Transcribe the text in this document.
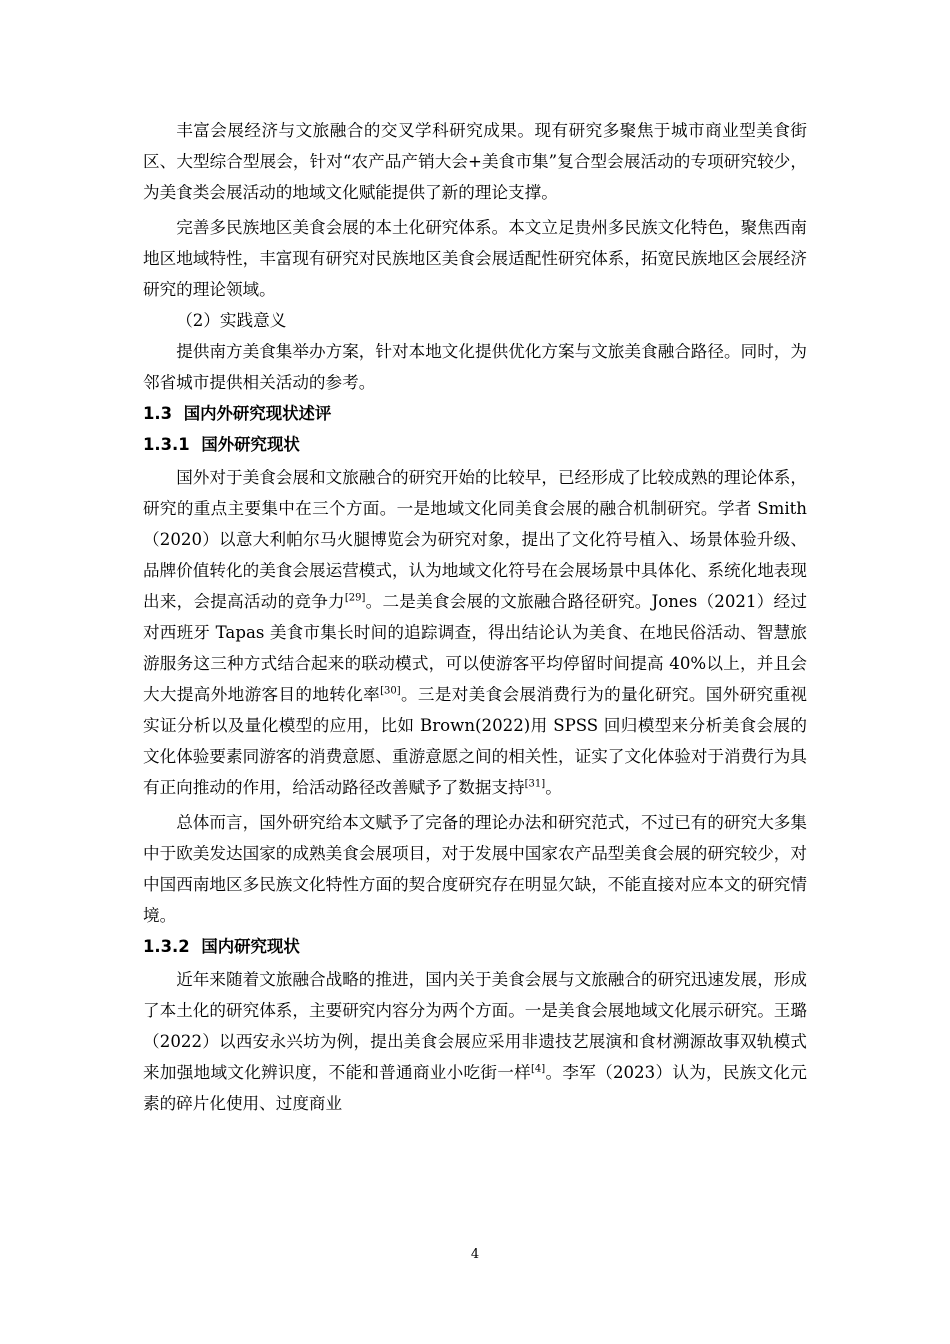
丰富会展经济与文旅融合的交叉学科研究成果。现有研究多聚焦于城市商业型美食街区、大型综合型展会，针对“农产品产销大会+美食市集”复合型会展活动的专项研究较少，为美食类会展活动的地域文化赋能提供了新的理论支撑。

完善多民族地区美食会展的本土化研究体系。本文立足贵州多民族文化特色，聚焦西南地区地域特性，丰富现有研究对民族地区美食会展适配性研究体系，拓宽民族地区会展经济研究的理论领域。

（2）实践意义

提供南方美食集举办方案，针对本地文化提供优化方案与文旅美食融合路径。同时，为邻省城市提供相关活动的参考。

1.3 国内外研究现状述评
1.3.1 国外研究现状

国外对于美食会展和文旅融合的研究开始的比较早，已经形成了比较成熟的理论体系，研究的重点主要集中在三个方面。一是地域文化同美食会展的融合机制研究。学者 Smith（2020）以意大利帕尔马火腿博览会为研究对象，提出了文化符号植入、场景体验升级、品牌价值转化的美食会展运营模式，认为地域文化符号在会展场景中具体化、系统化地表现出来，会提高活动的竞争力[29]。二是美食会展的文旅融合路径研究。Jones（2021）经过对西班牙 Tapas 美食市集长时间的追踪调查，得出结论认为美食、在地民俗活动、智慧旅游服务这三种方式结合起来的联动模式，可以使游客平均停留时间提高 40%以上，并且会大大提高外地游客目的地转化率[30]。三是对美食会展消费行为的量化研究。国外研究重视实证分析以及量化模型的应用，比如 Brown(2022)用 SPSS 回归模型来分析美食会展的文化体验要素同游客的消费意愿、重游意愿之间的相关性，证实了文化体验对于消费行为具有正向推动的作用，给活动路径改善赋予了数据支持[31]。

总体而言，国外研究给本文赋予了完备的理论办法和研究范式，不过已有的研究大多集中于欧美发达国家的成熟美食会展项目，对于发展中国家农产品型美食会展的研究较少，对中国西南地区多民族文化特性方面的契合度研究存在明显欠缺，不能直接对应本文的研究情境。

1.3.2 国内研究现状

近年来随着文旅融合战略的推进，国内关于美食会展与文旅融合的研究迅速发展，形成了本土化的研究体系，主要研究内容分为两个方面。一是美食会展地域文化展示研究。王璐（2022）以西安永兴坊为例，提出美食会展应采用非遗技艺展演和食材溯源故事双轨模式来加强地域文化辨识度，不能和普通商业小吃街一样[4]。李军（2023）认为，民族文化元素的碎片化使用、过度商业

4
